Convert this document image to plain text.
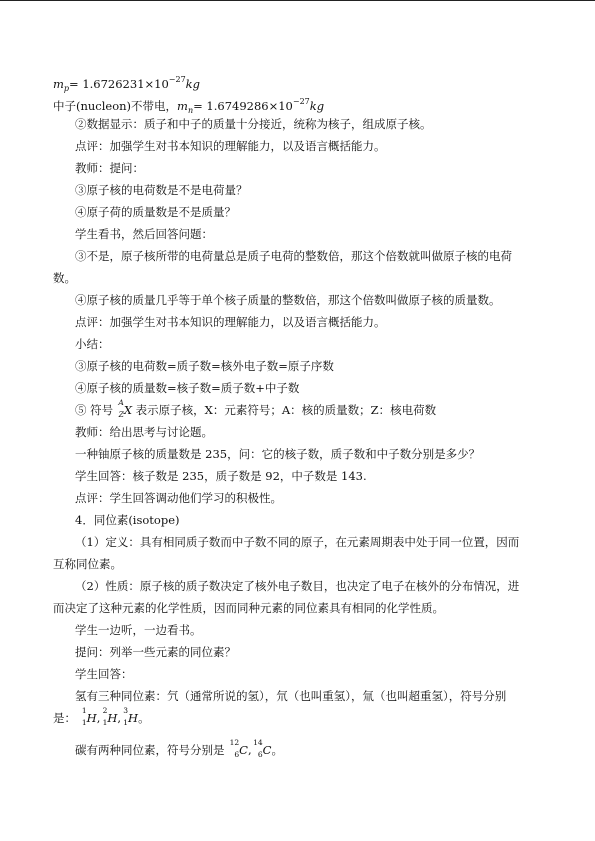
$m_p= 1.6726231\times 10^{-27}kg$
中子(nucleon)不带电，$m_n= 1.6749286\times 10^{-27}kg$
②数据显示：质子和中子的质量十分接近，统称为核子，组成原子核。
点评：加强学生对书本知识的理解能力，以及语言概括能力。
教师：提问：
③原子核的电荷数是不是电荷量？
④原子荷的质量数是不是质量？
学生看书，然后回答问题：
③不是，原子核所带的电荷量总是质子电荷的整数倍，那这个倍数就叫做原子核的电荷
数。
④原子核的质量几乎等于单个核子质量的整数倍，那这个倍数叫做原子核的质量数。
点评：加强学生对书本知识的理解能力，以及语言概括能力。
小结：
③原子核的电荷数=质子数=核外电子数=原子序数
④原子核的质量数=核子数=质子数+中子数
⑤ 符号
A
Z X 表示原子核，X：元素符号；A：核的质量数；Z：核电荷数
教师：给出思考与讨论题。
一种铀原子核的质量数是 235，问：它的核子数，质子数和中子数分别是多少？
学生回答：核子数是 235，质子数是 92，中子数是 143.
点评：学生回答调动他们学习的积极性。
4．同位素(isotope)
（1）定义：具有相同质子数而中子数不同的原子，在元素周期表中处于同一位置，因而
互称同位素。
（2）性质：原子核的质子数决定了核外电子数目，也决定了电子在核外的分布情况，进
而决定了这种元素的化学性质，因而同种元素的同位素具有相同的化学性质。
学生一边听，一边看书。
提问：列举一些元素的同位素？
学生回答：
氢有三种同位素：氕（通常所说的氢），氘（也叫重氢），氚（也叫超重氢），符号分别
是：
1
1 H,
2
1 H,
3
1 H。
碳有两种同位素，符号分别是
12
6 C,
14
6 C。
